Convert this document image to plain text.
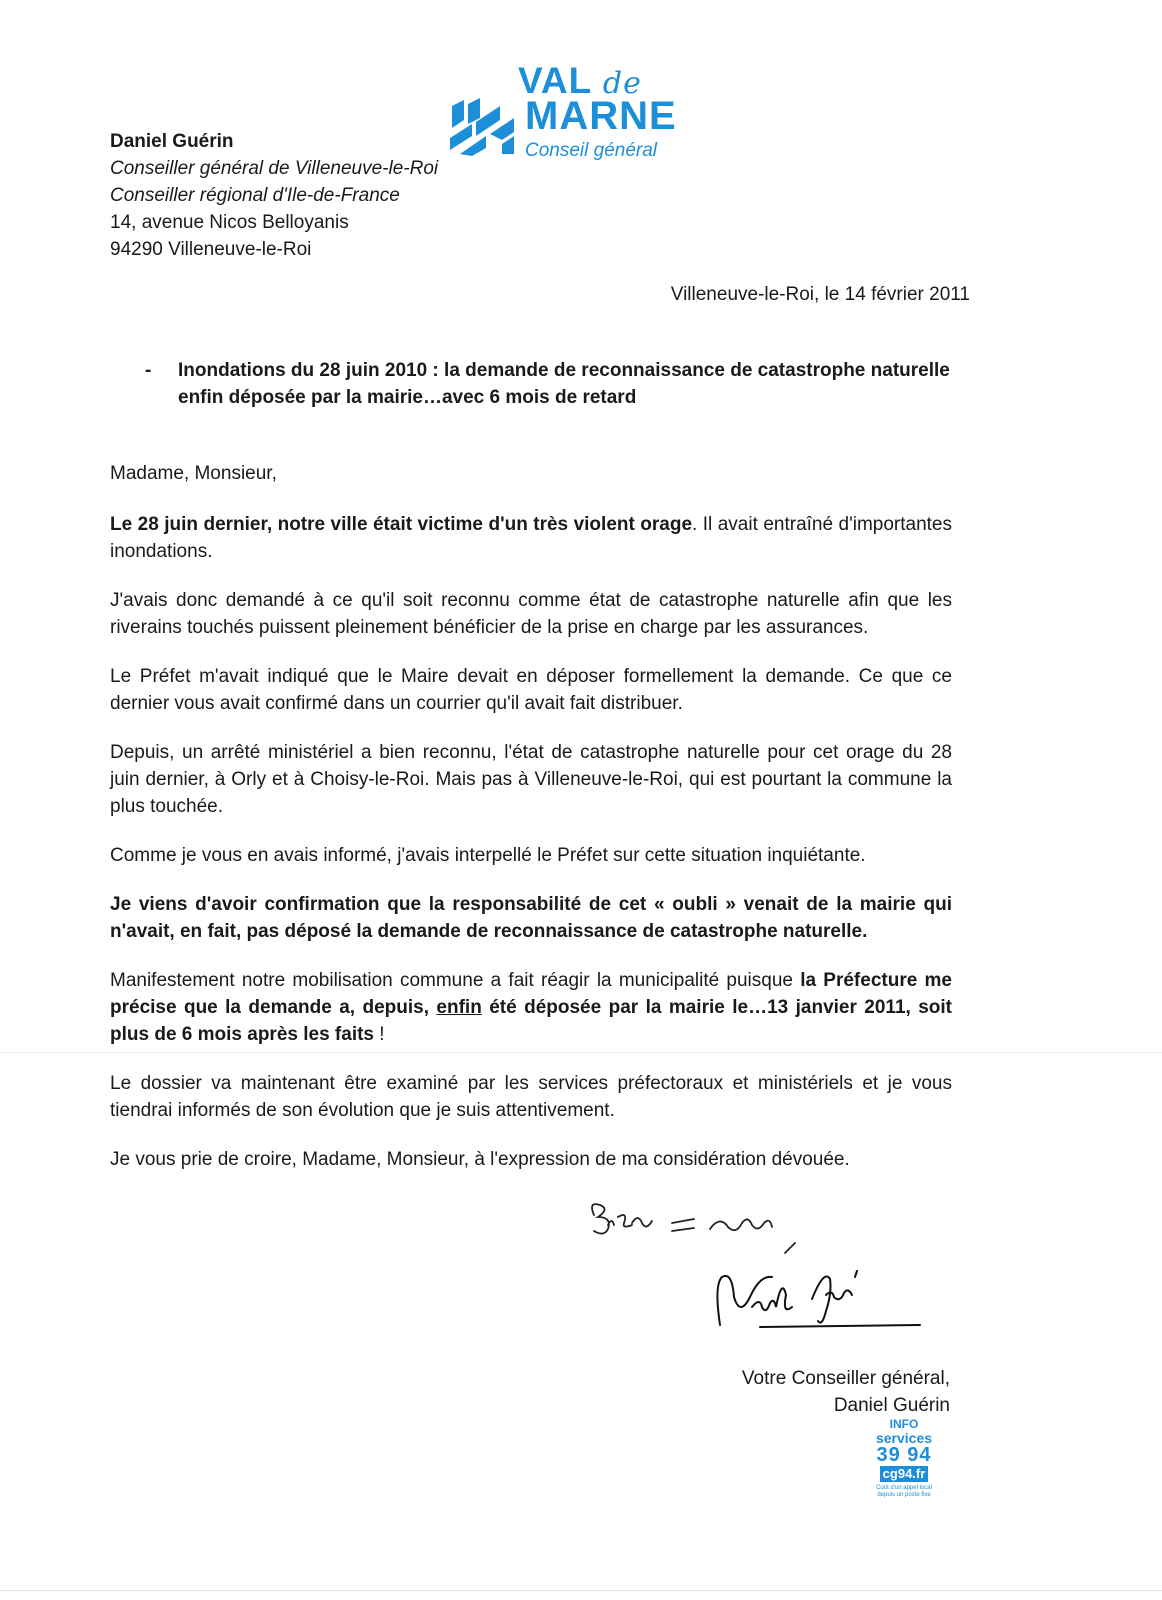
VAL de
MARNE
Conseil général
Daniel Guérin
Conseiller général de Villeneuve-le-Roi
Conseiller régional d'Ile-de-France
14, avenue Nicos Belloyanis
94290 Villeneuve-le-Roi
Villeneuve-le-Roi, le 14 février 2011
- Inondations du 28 juin 2010 : la demande de reconnaissance de catastrophe naturelle
enfin déposée par la mairie…avec 6 mois de retard

Madame, Monsieur,

Le 28 juin dernier, notre ville était victime d'un très violent orage. Il avait entraîné d'importantes inondations.

J'avais donc demandé à ce qu'il soit reconnu comme état de catastrophe naturelle afin que les riverains touchés puissent pleinement bénéficier de la prise en charge par les assurances.

Le Préfet m'avait indiqué que le Maire devait en déposer formellement la demande. Ce que ce dernier vous avait confirmé dans un courrier qu'il avait fait distribuer.

Depuis, un arrêté ministériel a bien reconnu, l'état de catastrophe naturelle pour cet orage du 28 juin dernier, à Orly et à Choisy-le-Roi. Mais pas à Villeneuve-le-Roi, qui est pourtant la commune la plus touchée.

Comme je vous en avais informé, j'avais interpellé le Préfet sur cette situation inquiétante.

Je viens d'avoir confirmation que la responsabilité de cet « oubli » venait de la mairie qui n'avait, en fait, pas déposé la demande de reconnaissance de catastrophe naturelle.

Manifestement notre mobilisation commune a fait réagir la municipalité puisque la Préfecture me précise que la demande a, depuis, enfin été déposée par la mairie le…13 janvier 2011, soit plus de 6 mois après les faits !

Le dossier va maintenant être examiné par les services préfectoraux et ministériels et je vous tiendrai informés de son évolution que je suis attentivement.

Je vous prie de croire, Madame, Monsieur, à l'expression de ma considération dévouée.

Votre Conseiller général,
Daniel Guérin
INFO
services
39 94
cg94.fr
Coût d'un appel local
depuis un poste fixe
